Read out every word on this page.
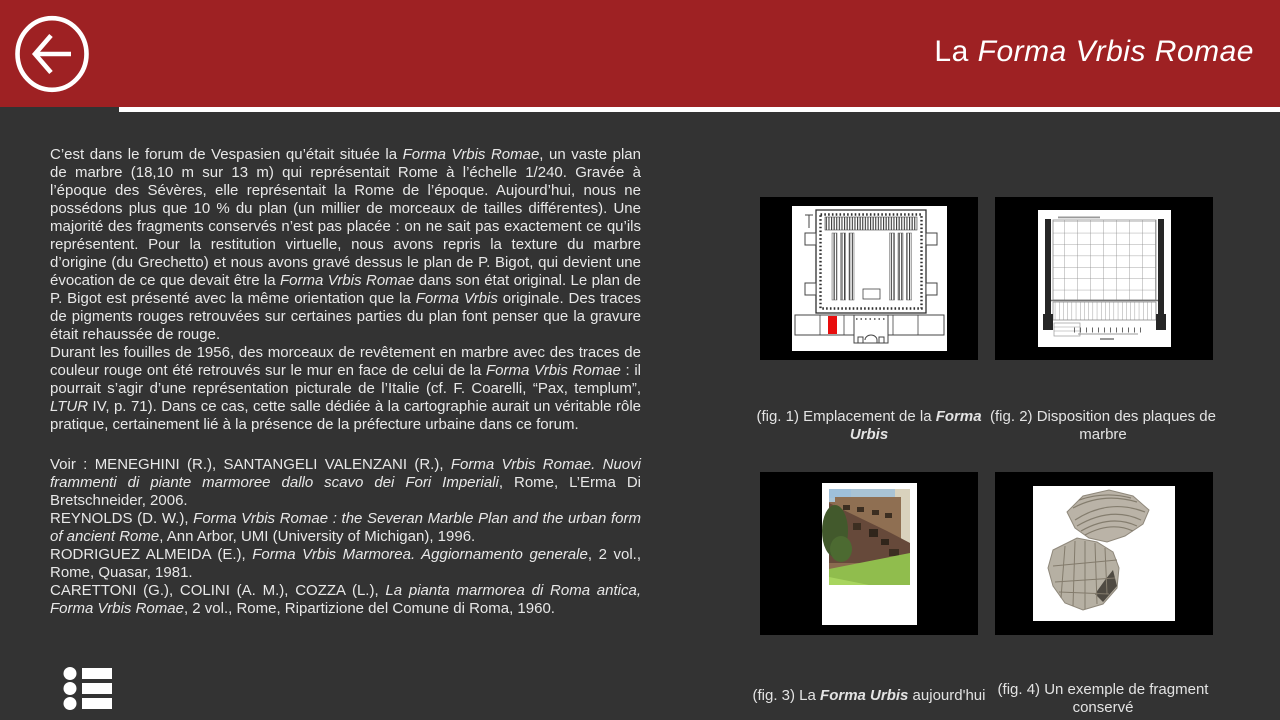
La Forma Vrbis Romae

C’est dans le forum de Vespasien qu’était située la Forma Vrbis Romae, un vaste plan de marbre (18,10 m sur 13 m) qui représentait Rome à l’échelle 1/240. Gravée à l’époque des Sévères, elle représentait la Rome de l’époque. Aujourd’hui, nous ne possédons plus que 10 % du plan (un millier de morceaux de tailles différentes). Une majorité des fragments conservés n’est pas placée : on ne sait pas exactement ce qu’ils représentent. Pour la restitution virtuelle, nous avons repris la texture du marbre d’origine (du Grechetto) et nous avons gravé dessus le plan de P. Bigot, qui devient une évocation de ce que devait être la Forma Vrbis Romae dans son état original. Le plan de P. Bigot est présenté avec la même orientation que la Forma Vrbis originale. Des traces de pigments rouges retrouvées sur certaines parties du plan font penser que la gravure était rehaussée de rouge.

Durant les fouilles de 1956, des morceaux de revêtement en marbre avec des traces de couleur rouge ont été retrouvés sur le mur en face de celui de la Forma Vrbis Romae : il pourrait s’agir d’une représentation picturale de l’Italie (cf. F. Coarelli, “Pax, templum”, LTUR IV, p. 71). Dans ce cas, cette salle dédiée à la cartographie aurait un véritable rôle pratique, certainement lié à la présence de la préfecture urbaine dans ce forum.

Voir : MENEGHINI (R.), SANTANGELI VALENZANI (R.), Forma Vrbis Romae. Nuovi frammenti di piante marmoree dallo scavo dei Fori Imperiali, Rome, L’Erma Di Bretschneider, 2006.

REYNOLDS (D. W.), Forma Vrbis Romae : the Severan Marble Plan and the urban form of ancient Rome, Ann Arbor, UMI (University of Michigan), 1996.

RODRIGUEZ ALMEIDA (E.), Forma Vrbis Marmorea. Aggiornamento generale, 2 vol., Rome, Quasar, 1981.

CARETTONI (G.), COLINI (A. M.), COZZA (L.), La pianta marmorea di Roma antica, Forma Vrbis Romae, 2 vol., Rome, Ripartizione del Comune di Roma, 1960.

(fig. 1) Emplacement de la Forma Urbis
(fig. 2) Disposition des plaques de marbre
(fig. 3) La Forma Urbis aujourd'hui (fig. 4) Un exemple de fragment conservé
